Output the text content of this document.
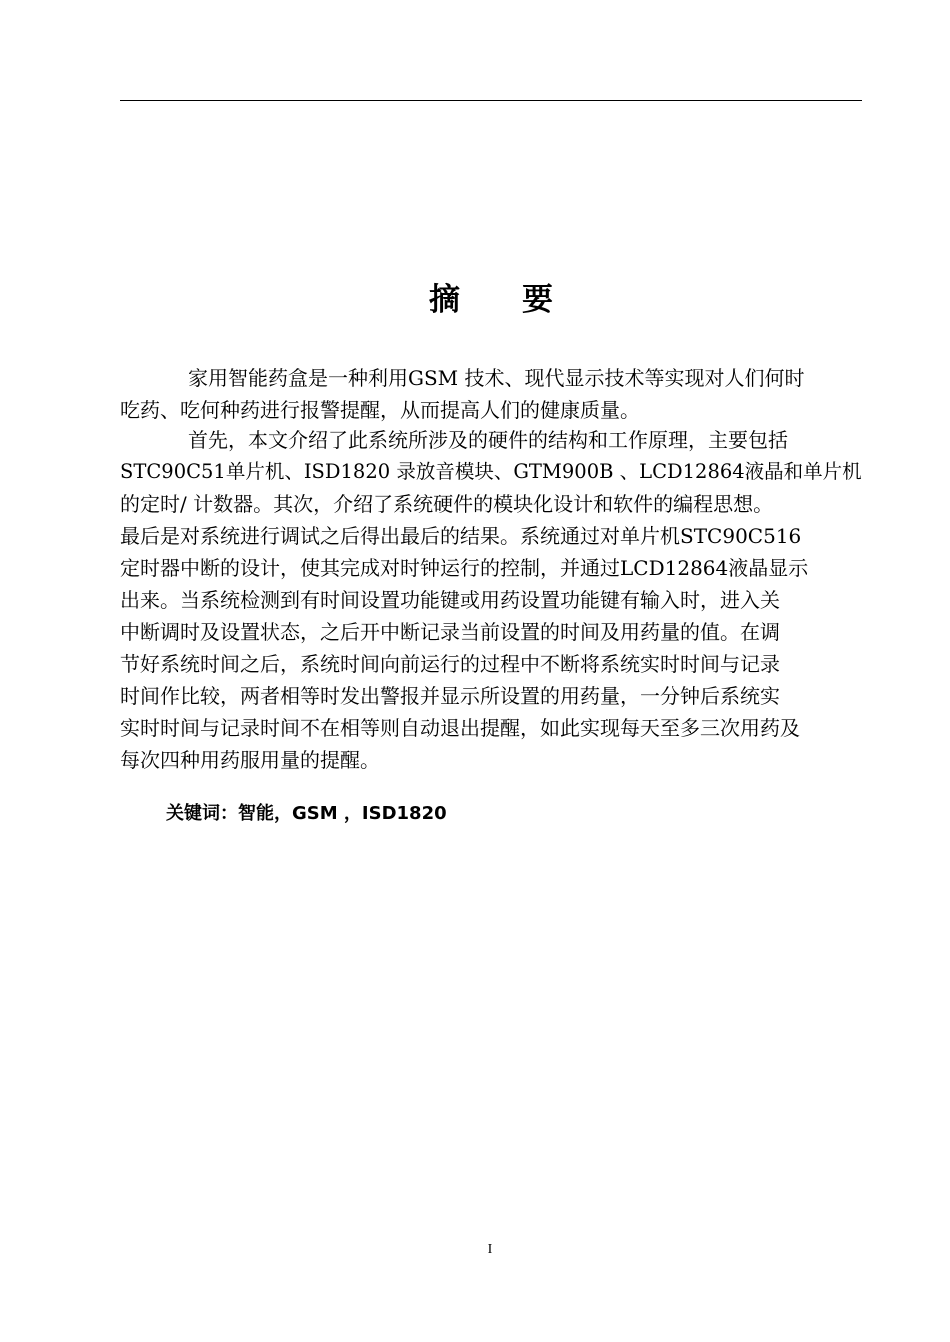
摘 要
家用智能药盒是一种利用GSM 技术、现代显示技术等实现对人们何时
吃药、吃何种药进行报警提醒，从而提高人们的健康质量。
首先，本文介绍了此系统所涉及的硬件的结构和工作原理，主要包括
STC90C51单片机、ISD1820 录放音模块、GTM900B 、LCD12864液晶和单片机
的定时/ 计数器。其次，介绍了系统硬件的模块化设计和软件的编程思想。
最后是对系统进行调试之后得出最后的结果。系统通过对单片机STC90C516
定时器中断的设计，使其完成对时钟运行的控制，并通过LCD12864液晶显示
出来。当系统检测到有时间设置功能键或用药设置功能键有输入时，进入关
中断调时及设置状态，之后开中断记录当前设置的时间及用药量的值。在调
节好系统时间之后，系统时间向前运行的过程中不断将系统实时时间与记录
时间作比较，两者相等时发出警报并显示所设置的用药量，一分钟后系统实
实时时间与记录时间不在相等则自动退出提醒，如此实现每天至多三次用药及
每次四种用药服用量的提醒。
关键词：智能，GSM ，ISD1820
I
